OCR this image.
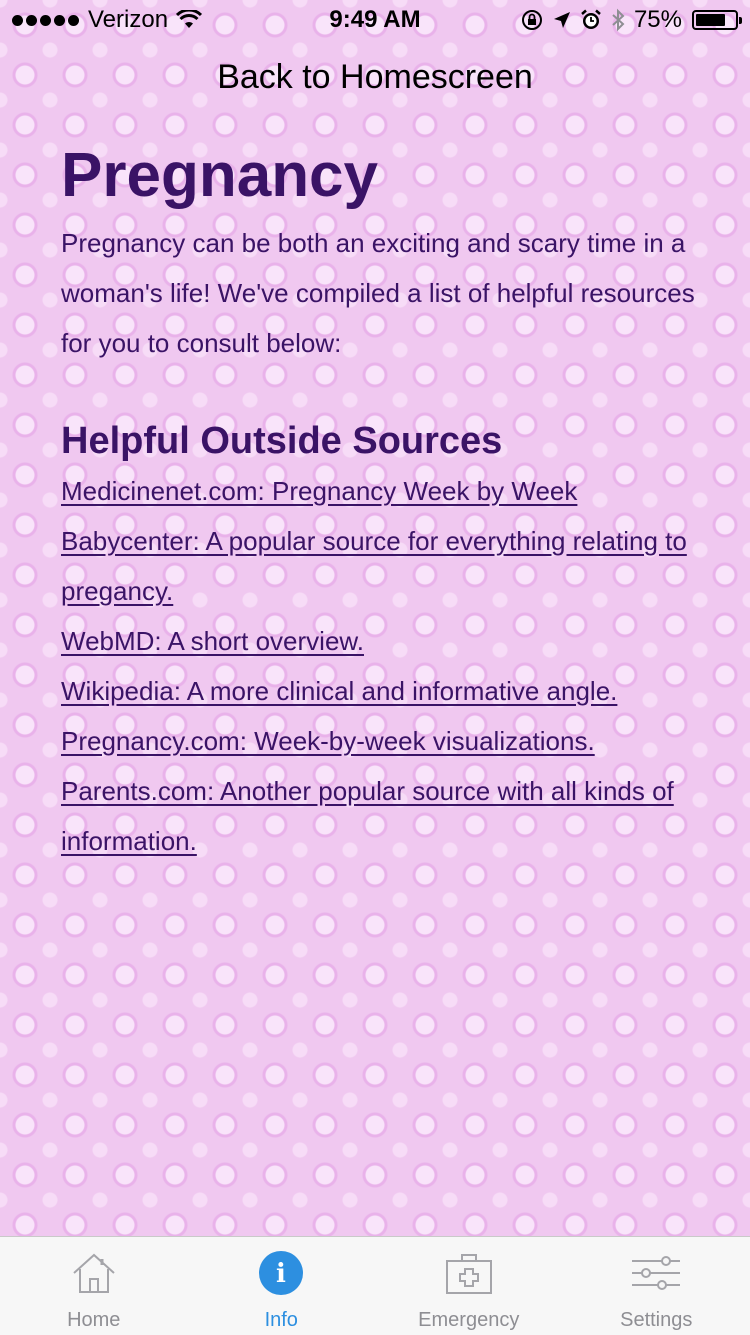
Verizon	9:49 AM	75%
Back to Homescreen
Pregnancy

Pregnancy can be both an exciting and scary time in a woman's life! We've compiled a list of helpful resources for you to consult below:

Helpful Outside Sources
Medicinenet.com: Pregnancy Week by Week
Babycenter: A popular source for everything relating to pregancy.
WebMD: A short overview.
Wikipedia: A more clinical and informative angle.
Pregnancy.com: Week-by-week visualizations.
Parents.com: Another popular source with all kinds of information.
Home
i
Info	Emergency	Settings
